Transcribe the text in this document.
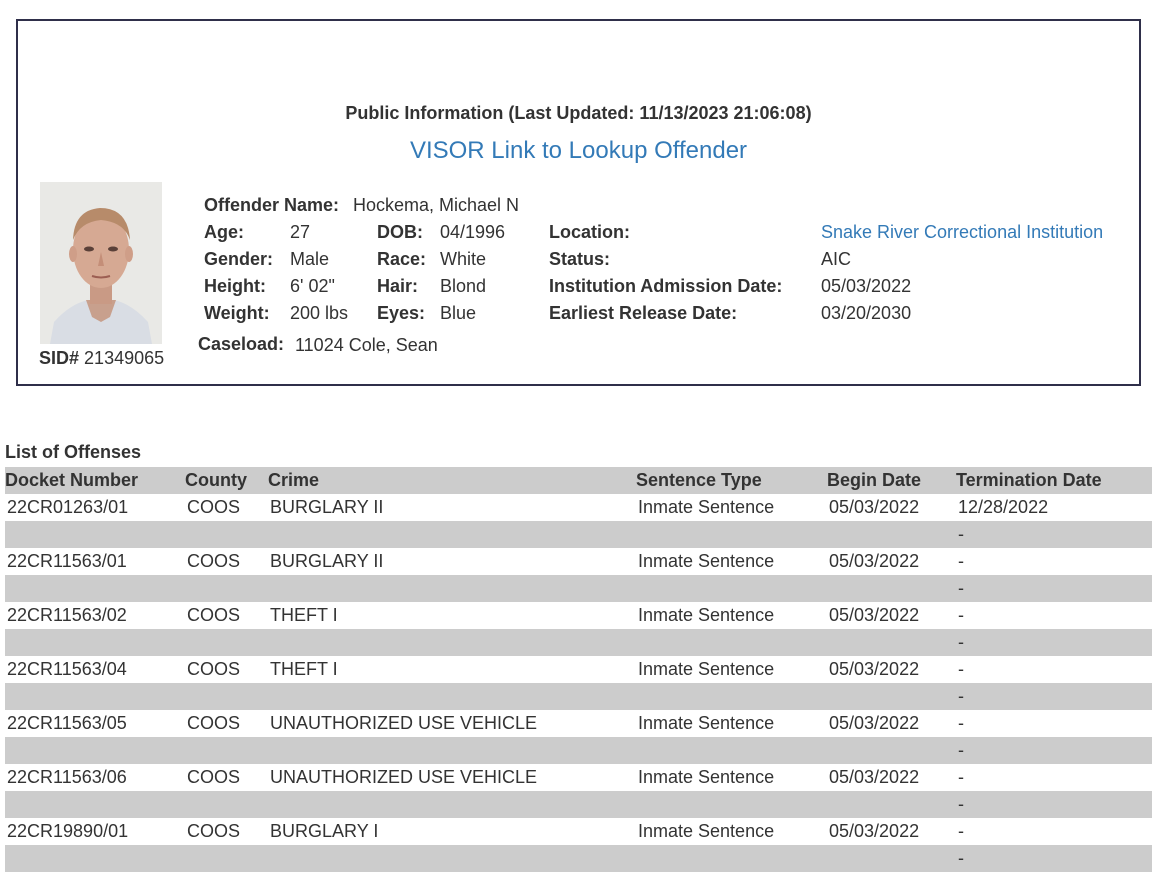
Public Information (Last Updated: 11/13/2023 21:06:08)
VISOR Link to Lookup Offender
SID# 21349065
Offender Name: Hockema, Michael N
Age:	27	DOB: 04/1996 Location:	Snake River Correctional Institution
Gender: Male	Race: White	Status:	AIC
Height: 6' 02" Hair: Blond	Institution Admission Date: 05/03/2022
Weight: 200 lbs Eyes: Blue	Earliest Release Date:	03/20/2030
Caseload: 11024 Cole, Sean
List of Offenses
Docket Number	County	Crime	Sentence Type	Begin Date	Termination Date
22CR01263/01	COOS	BURGLARY II	Inmate Sentence	05/03/2022	12/28/2022
					-
22CR11563/01	COOS	BURGLARY II	Inmate Sentence	05/03/2022	-
					-
22CR11563/02	COOS	THEFT I	Inmate Sentence	05/03/2022	-
					-
22CR11563/04	COOS	THEFT I	Inmate Sentence	05/03/2022	-
					-
22CR11563/05	COOS	UNAUTHORIZED USE VEHICLE	Inmate Sentence	05/03/2022	-
					-
22CR11563/06	COOS	UNAUTHORIZED USE VEHICLE	Inmate Sentence	05/03/2022	-
					-
22CR19890/01	COOS	BURGLARY I	Inmate Sentence	05/03/2022	-
					-
